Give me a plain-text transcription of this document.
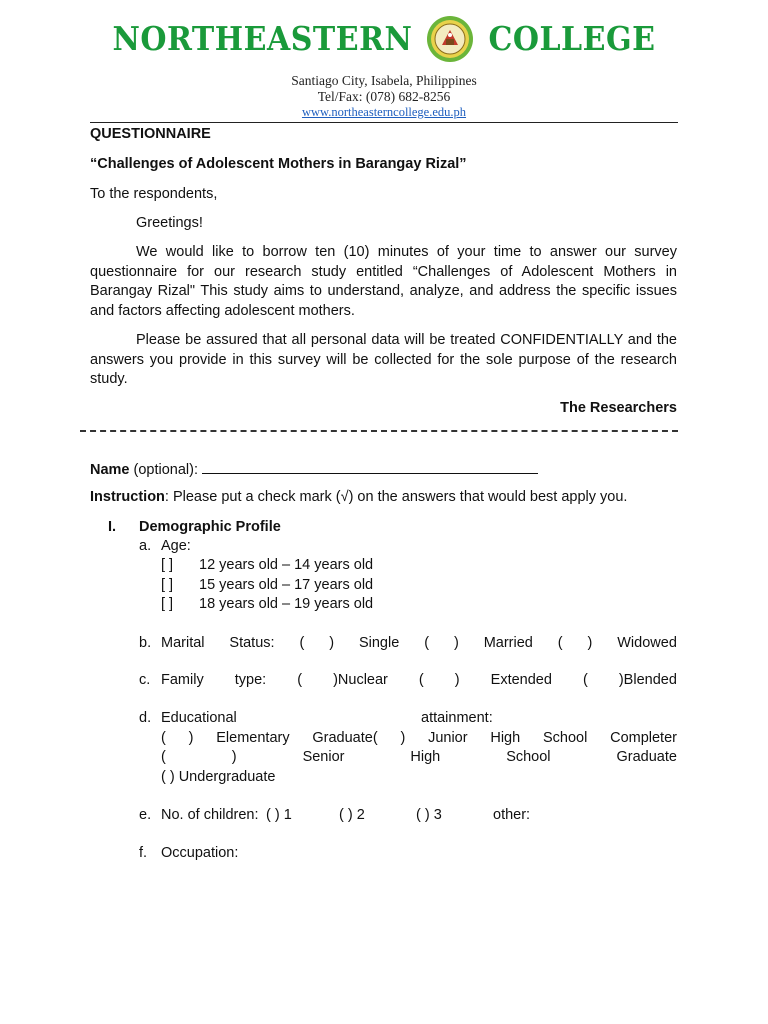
NORTHEASTERN	COLLEGE
Santiago City, Isabela, Philippines
Tel/Fax: (078) 682-8256
www.northeasterncollege.edu.ph
QUESTIONNAIRE
“Challenges of Adolescent Mothers in Barangay Rizal”
To the respondents,
Greetings!
We would like to borrow ten (10) minutes of your time to answer our survey questionnaire for our research study entitled “Challenges of Adolescent Mothers in Barangay Rizal" This study aims to understand, analyze, and address the specific issues and factors affecting adolescent mothers.
Please be assured that all personal data will be treated CONFIDENTIALLY and the answers you provide in this survey will be collected for the sole purpose of the research study.
The Researchers
Name (optional):
Instruction: Please put a check mark (√) on the answers that would best apply you.
I. Demographic Profile
a. Age:
[ ] 12 years old – 14 years old
[ ] 15 years old – 17 years old
[ ] 18 years old – 19 years old
b. Marital Status: ( ) Single ( ) Married ( ) Widowed
c. Family type: ( )Nuclear ( ) Extended ( )Blended
d. Educational	attainment:
( ) Elementary Graduate( ) Junior High School Completer
(	)	Senior	High	School	Graduate
( ) Undergraduate
e. No. of children: ( ) 1	( ) 2	( ) 3	other:
f. Occupation:
